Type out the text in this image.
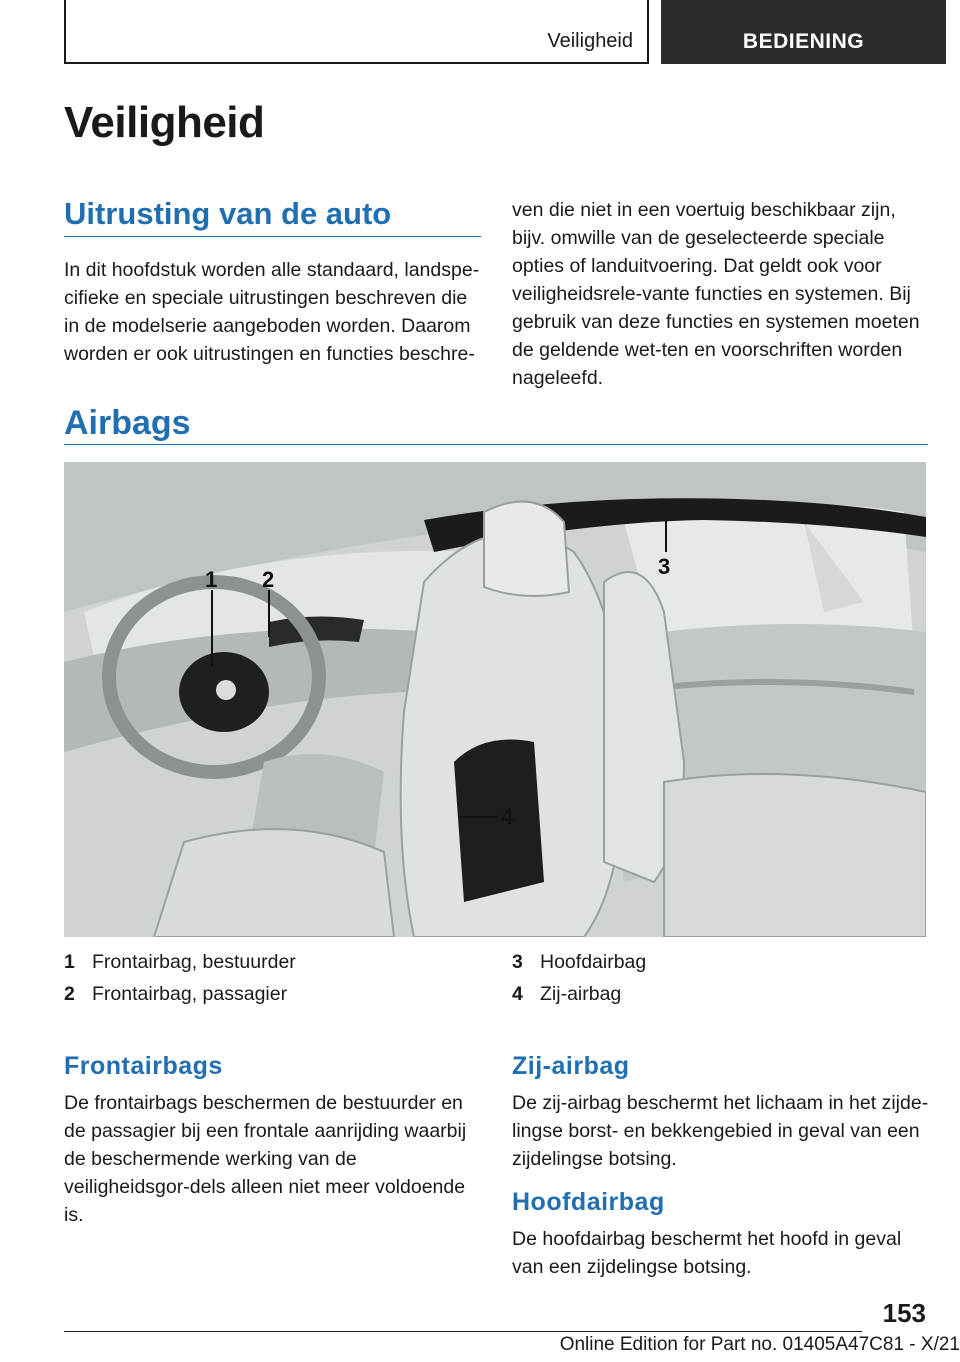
Veiligheid	BEDIENING
Veiligheid
Uitrusting van de auto

In dit hoofdstuk worden alle standaard, landspe‐cifieke en speciale uitrustingen beschreven die in de modelserie aangeboden worden. Daarom worden er ook uitrustingen en functies beschre‐

ven die niet in een voertuig beschikbaar zijn, bijv. omwille van de geselecteerde speciale opties of landuitvoering. Dat geldt ook voor veiligheidsrele‐vante functies en systemen. Bij gebruik van deze functies en systemen moeten de geldende wet‐ten en voorschriften worden nageleefd.

Airbags
1 2
3
4
1 Frontairbag, bestuurder
2 Frontairbag, passagier
3 Hoofdairbag
4 Zij-airbag
Frontairbags

De frontairbags beschermen de bestuurder en de passagier bij een frontale aanrijding waarbij de beschermende werking van de veiligheidsgor‐dels alleen niet meer voldoende is.

Zij-airbag

De zij-airbag beschermt het lichaam in het zijde‐lingse borst- en bekkengebied in geval van een zijdelingse botsing.

Hoofdairbag

De hoofdairbag beschermt het hoofd in geval van een zijdelingse botsing.

153
Online Edition for Part no. 01405A47C81 - X/21
